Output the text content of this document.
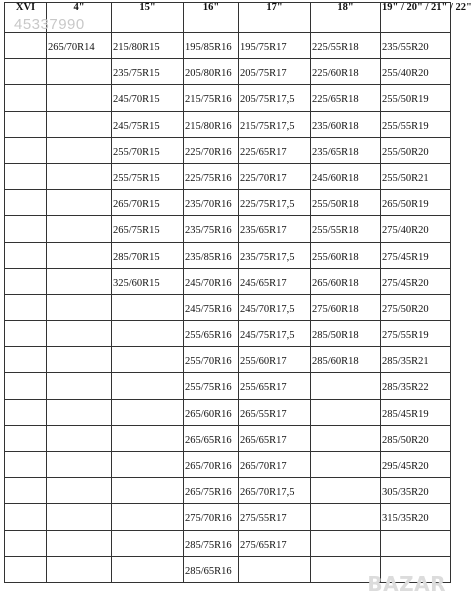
XVI	4"	15"	16"	17"	18"	19" / 20" / 21" / 22"
	265/70R14	215/80R15	195/85R16	195/75R17	225/55R18	235/55R20
		235/75R15	205/80R16	205/75R17	225/60R18	255/40R20
		245/70R15	215/75R16	205/75R17,5	225/65R18	255/50R19
		245/75R15	215/80R16	215/75R17,5	235/60R18	255/55R19
		255/70R15	225/70R16	225/65R17	235/65R18	255/50R20
		255/75R15	225/75R16	225/70R17	245/60R18	255/50R21
		265/70R15	235/70R16	225/75R17,5	255/50R18	265/50R19
		265/75R15	235/75R16	235/65R17	255/55R18	275/40R20
		285/70R15	235/85R16	235/75R17,5	255/60R18	275/45R19
		325/60R15	245/70R16	245/65R17	265/60R18	275/45R20
			245/75R16	245/70R17,5	275/60R18	275/50R20
			255/65R16	245/75R17,5	285/50R18	275/55R19
			255/70R16	255/60R17	285/60R18	285/35R21
			255/75R16	255/65R17		285/35R22
			265/60R16	265/55R17		285/45R19
			265/65R16	265/65R17		285/50R20
			265/70R16	265/70R17		295/45R20
			265/75R16	265/70R17,5		305/35R20
			275/70R16	275/55R17		315/35R20
			285/75R16	275/65R17		
			285/65R16			
45337990
BAZAR
